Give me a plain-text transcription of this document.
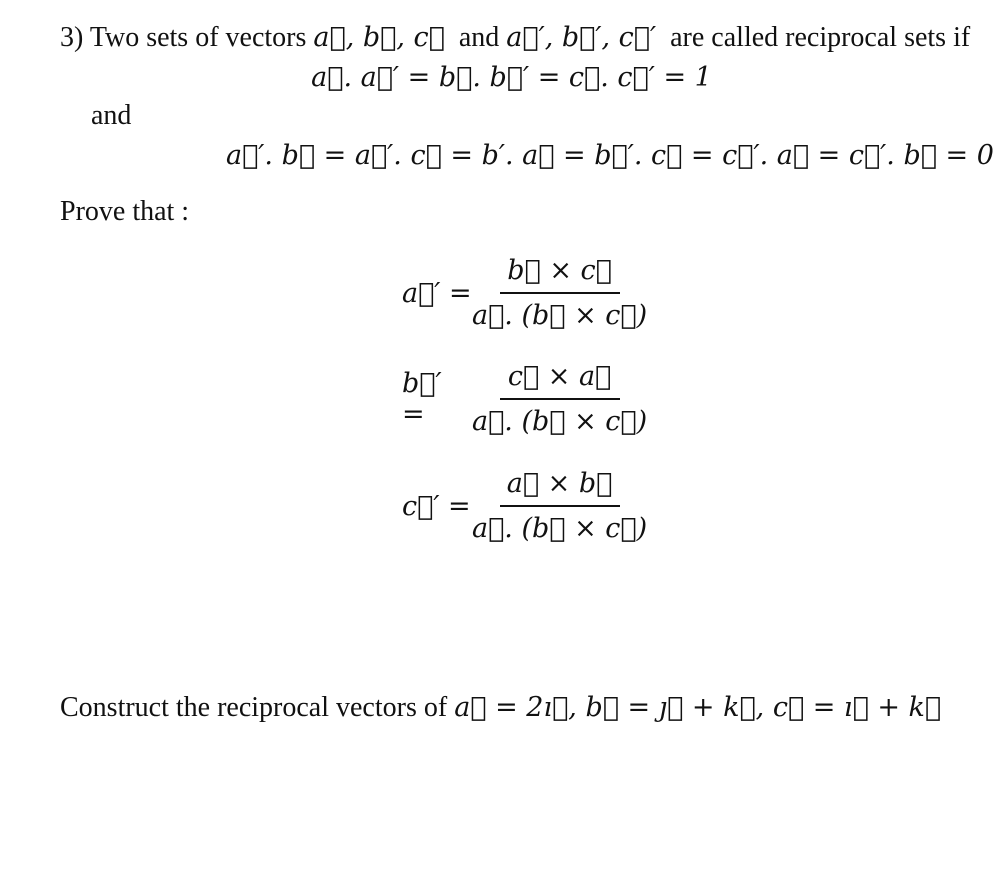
3) Two sets of vectors a⃗, b⃗, c⃗ and a⃗′, b⃗′, c⃗′ are called reciprocal sets if
a⃗. a⃗′ = b⃗. b⃗′ = c⃗. c⃗′ = 1
and
a⃗′. b⃗ = a⃗′. c⃗ = b′. a⃗ = b⃗′. c⃗ = c⃗′. a⃗ = c⃗′. b⃗ = 0
Prove that :
a⃗′ = $\frac{b⃗ \times c⃗}{a⃗. (b⃗ \times c⃗)}$
b⃗′ =	$\frac{c⃗ \times a⃗}{a⃗. (b⃗ \times c⃗)}$
c⃗′ = $\frac{a⃗ \times b⃗}{a⃗. (b⃗ \times c⃗)}$
Construct the reciprocal vectors of a⃗ = 2ı⃗, b⃗ = ȷ⃗ + k⃗, c⃗ = ı⃗ + k⃗
